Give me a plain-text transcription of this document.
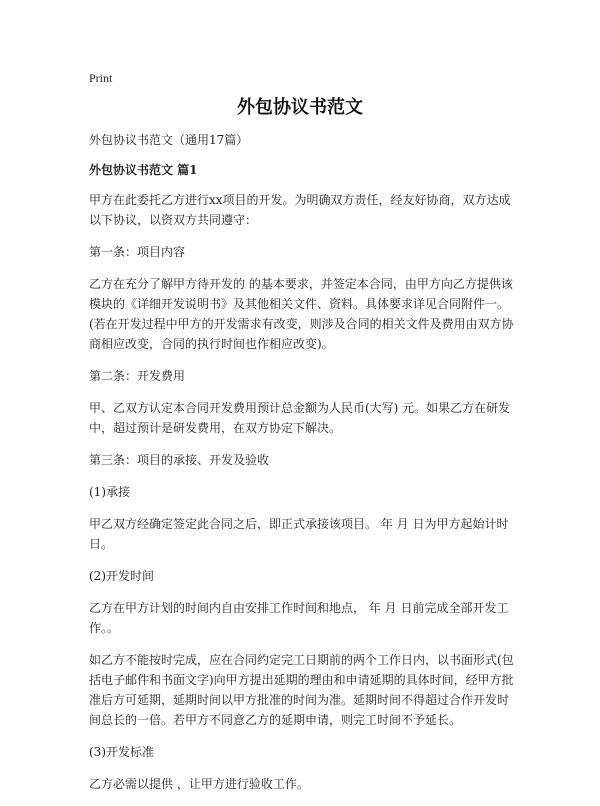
Print
外包协议书范文

外包协议书范文（通用17篇）

外包协议书范文 篇1

甲方在此委托乙方进行xx项目的开发。为明确双方责任，经友好协商，双方达成以下协议，以资双方共同遵守：

第一条：项目内容

乙方在充分了解甲方待开发的 的基本要求，并签定本合同，由甲方向乙方提供该模块的《详细开发说明书》及其他相关文件、资料。具体要求详见合同附件一。(若在开发过程中甲方的开发需求有改变，则涉及合同的相关文件及费用由双方协商相应改变，合同的执行时间也作相应改变)。

第二条：开发费用

甲、乙双方认定本合同开发费用预计总金额为人民币(大写) 元。如果乙方在研发中，超过预计是研发费用，在双方协定下解决。

第三条：项目的承接、开发及验收

(1)承接

甲乙双方经确定签定此合同之后，即正式承接该项目。 年 月 日为甲方起始计时日。

(2)开发时间

乙方在甲方计划的时间内自由安排工作时间和地点， 年 月 日前完成全部开发工作。。

如乙方不能按时完成，应在合同约定完工日期前的两个工作日内，以书面形式(包括电子邮件和书面文字)向甲方提出延期的理由和申请延期的具体时间，经甲方批准后方可延期，延期时间以甲方批准的时间为准。延期时间不得超过合作开发时间总长的一倍。若甲方不同意乙方的延期申请，则完工时间不予延长。

(3)开发标准

乙方必需以提供 ，让甲方进行验收工作。
